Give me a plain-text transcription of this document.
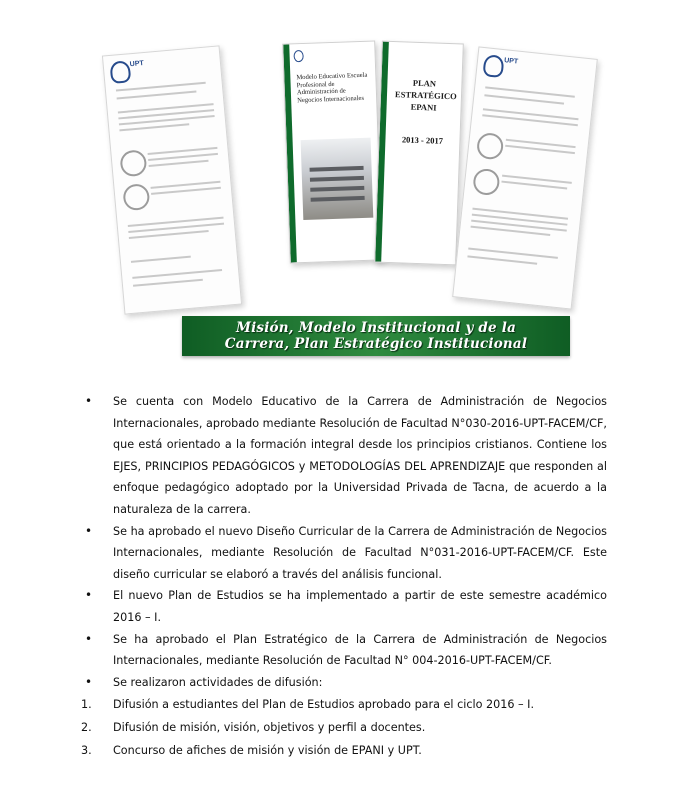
UPT
Modelo Educativo Escuela Profesional de Administración de Negocios Internacionales
PLAN ESTRATÉGICO EPANI
2013 - 2017
UPT
Misión, Modelo Institucional y de la
Carrera, Plan Estratégico Institucional
•	Se cuenta con Modelo Educativo de la Carrera de Administración de Negocios Internacionales, aprobado mediante Resolución de Facultad N°030-2016-UPT-FACEM/CF, que está orientado a la formación integral desde los principios cristianos. Contiene los EJES, PRINCIPIOS PEDAGÓGICOS y METODOLOGÍAS DEL APRENDIZAJE que responden al enfoque pedagógico adoptado por la Universidad Privada de Tacna, de acuerdo a la naturaleza de la carrera.
•	Se ha aprobado el nuevo Diseño Curricular de la Carrera de Administración de Negocios Internacionales, mediante Resolución de Facultad N°031-2016-UPT-FACEM/CF. Este diseño curricular se elaboró a través del análisis funcional.
•	El nuevo Plan de Estudios se ha implementado a partir de este semestre académico 2016 – I.
•	Se ha aprobado el Plan Estratégico de la Carrera de Administración de Negocios Internacionales, mediante Resolución de Facultad N° 004-2016-UPT-FACEM/CF.
•	Se realizaron actividades de difusión:
1.	Difusión a estudiantes del Plan de Estudios aprobado para el ciclo 2016 – I.
2.	Difusión de misión, visión, objetivos y perfil a docentes.
3.	Concurso de afiches de misión y visión de EPANI y UPT.
